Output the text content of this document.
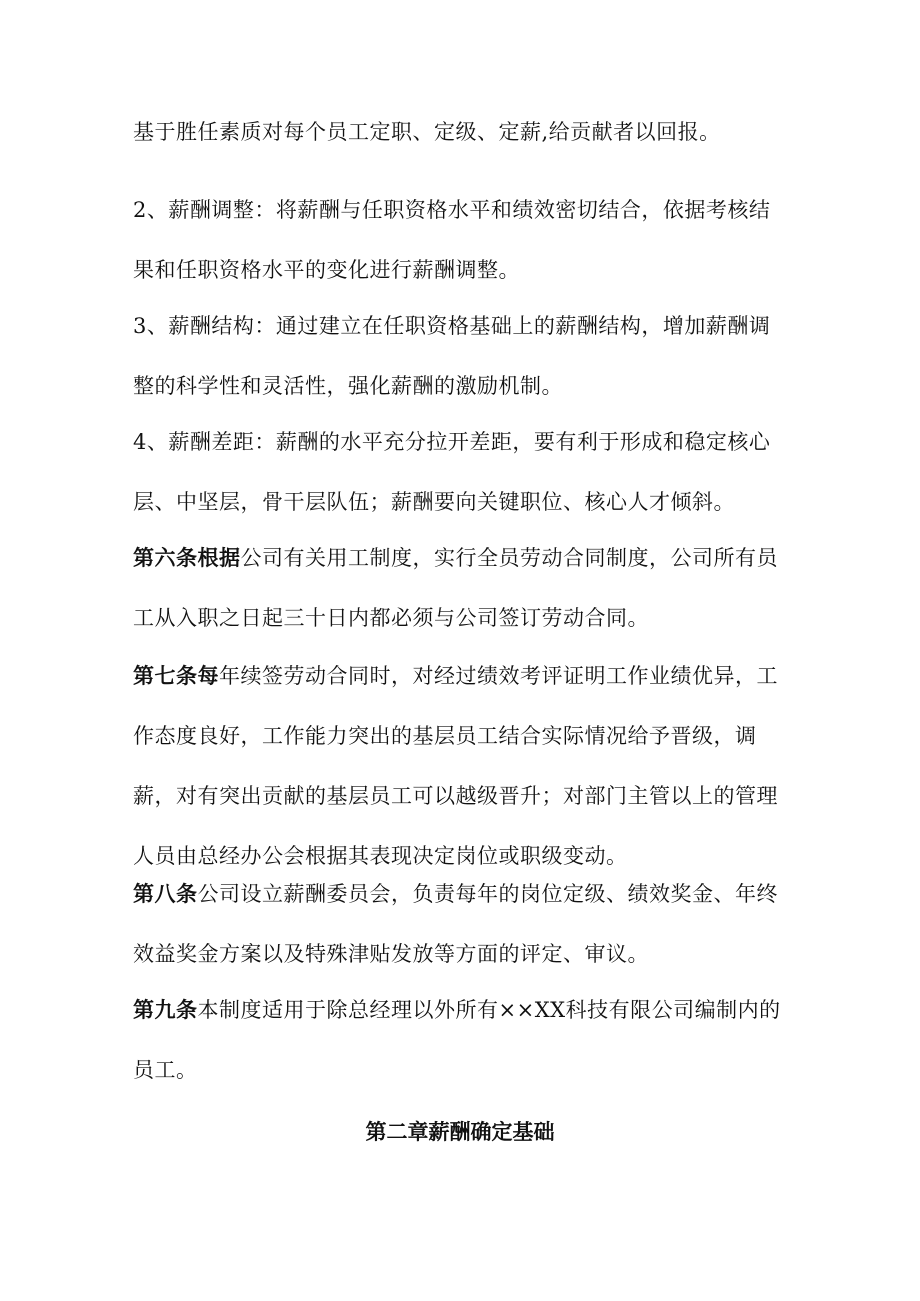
基于胜任素质对每个员工定职、定级、定薪,给贡献者以回报。

2、薪酬调整：将薪酬与任职资格水平和绩效密切结合，依据考核结
果和任职资格水平的变化进行薪酬调整。

3、薪酬结构：通过建立在任职资格基础上的薪酬结构，增加薪酬调
整的科学性和灵活性，强化薪酬的激励机制。

4、薪酬差距：薪酬的水平充分拉开差距，要有利于形成和稳定核心
层、中坚层，骨干层队伍；薪酬要向关键职位、核心人才倾斜。

第六条根据公司有关用工制度，实行全员劳动合同制度，公司所有员
工从入职之日起三十日内都必须与公司签订劳动合同。

第七条每年续签劳动合同时，对经过绩效考评证明工作业绩优异，工
作态度良好，工作能力突出的基层员工结合实际情况给予晋级，调
薪，对有突出贡献的基层员工可以越级晋升；对部门主管以上的管理
人员由总经办公会根据其表现决定岗位或职级变动。

第八条公司设立薪酬委员会，负责每年的岗位定级、绩效奖金、年终
效益奖金方案以及特殊津贴发放等方面的评定、审议。

第九条本制度适用于除总经理以外所有××XX科技有限公司编制内的
员工。

第二章薪酬确定基础
